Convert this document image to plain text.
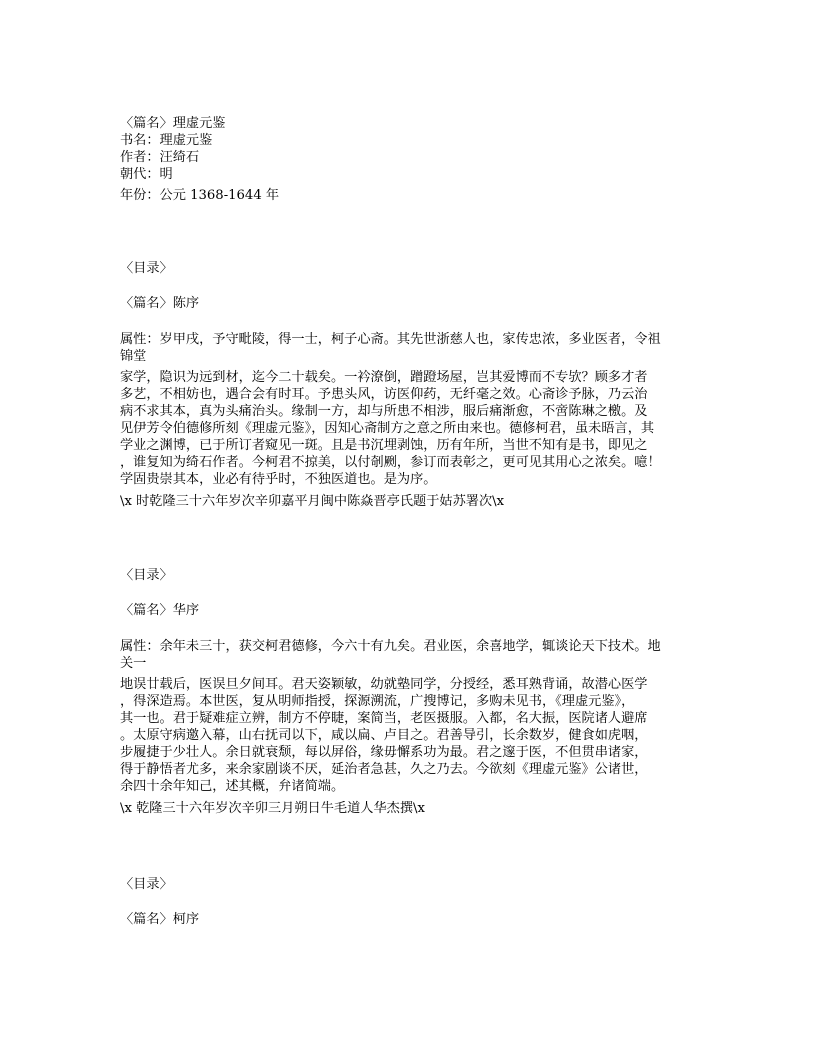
〈篇名〉理虚元鉴
书名：理虚元鉴
作者：汪绮石
朝代：明
年份：公元 1368-1644 年
〈目录〉
〈篇名〉陈序
属性：岁甲戌，予守毗陵，得一士，柯子心斋。其先世浙慈人也，家传忠浓，多业医者，令祖
锦堂
家学，隐识为远到材，迄今二十载矣。一衿潦倒，蹭蹬场屋，岂其爱博而不专欤？顾多才者
多艺，不相妨也，遇合会有时耳。予患头风，访医仰药，无纤毫之效。心斋诊予脉，乃云治
病不求其本，真为头痛治头。缘制一方，却与所患不相涉，服后痛渐愈，不啻陈琳之檄。及
见伊芳令伯德修所刻《理虚元鉴》，因知心斋制方之意之所由来也。德修柯君，虽未晤言，其
学业之渊博，已于所订者窥见一斑。且是书沉埋剥蚀，历有年所，当世不知有是书，即见之
，谁复知为绮石作者。今柯君不掠美，以付剞劂，参订而表彰之，更可见其用心之浓矣。噫！
学固贵崇其本，业必有待乎时，不独医道也。是为序。
\x 时乾隆三十六年岁次辛卯嘉平月闽中陈焱晋亭氏题于姑苏署次\x
〈目录〉
〈篇名〉华序
属性：余年未三十，获交柯君德修，今六十有九矣。君业医，余喜地学，辄谈论天下技术。地
关一
地误廿载后，医误旦夕间耳。君天姿颖敏，幼就塾同学，分授经，悉耳熟背诵，故潜心医学
，得深造焉。本世医，复从明师指授，探源溯流，广搜博记，多购未见书，《理虚元鉴》，
其一也。君于疑难症立辨，制方不停睫，案简当，老医摄服。入都，名大振，医院诸人避席
。太原守病邀入幕，山右抚司以下，咸以扁、卢目之。君善导引，长余数岁，健食如虎咽，
步履捷于少壮人。余日就衰颓，每以屏俗，缘毋懈系功为最。君之邃于医，不但贯串诸家，
得于静悟者尤多，来余家剧谈不厌，延治者急甚，久之乃去。今欲刻《理虚元鉴》公诸世，
余四十余年知己，述其概，弁诸简端。
\x 乾隆三十六年岁次辛卯三月朔日牛毛道人华杰撰\x
〈目录〉
〈篇名〉柯序
